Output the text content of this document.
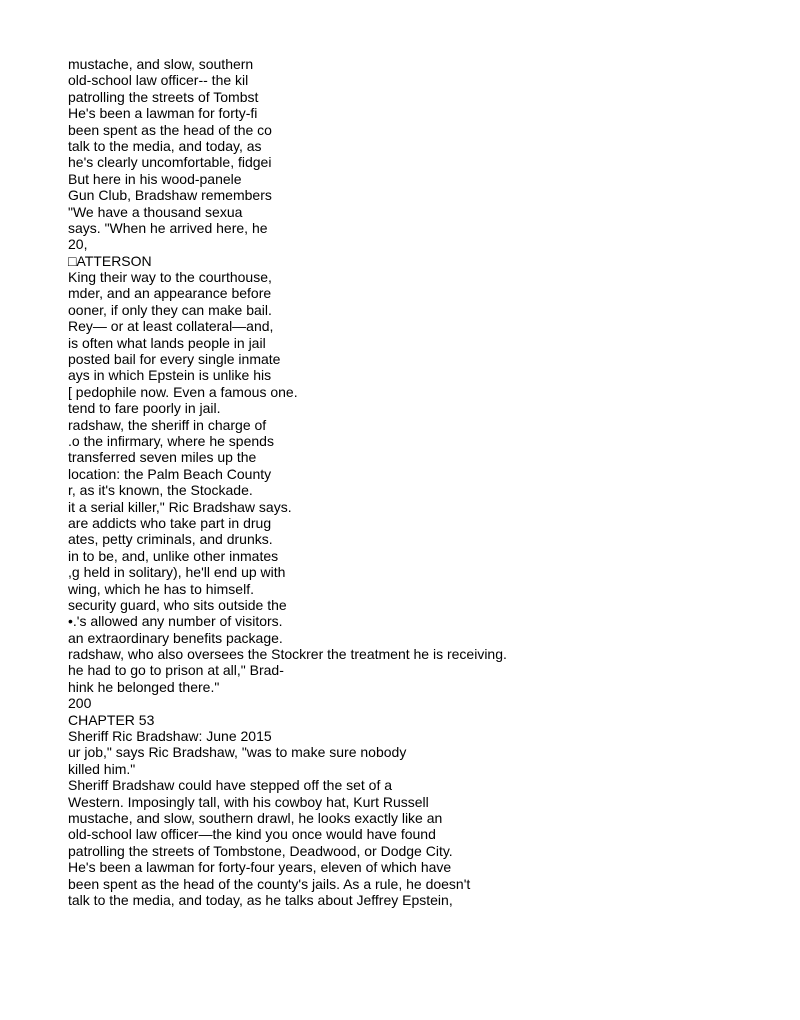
mustache, and slow, southern
old-school law officer-- the kil
patrolling the streets of Tombst
He's been a lawman for forty-fi
been spent as the head of the co
talk to the media, and today, as
he's clearly uncomfortable, fidgei
But here in his wood-panele
Gun Club, Bradshaw remembers
"We have a thousand sexua
says. "When he arrived here, he
20,
□ATTERSON
King their way to the courthouse,
mder, and an appearance before
ooner, if only they can make bail.
Rey— or at least collateral—and,
is often what lands people in jail
posted bail for every single inmate
ays in which Epstein is unlike his
[ pedophile now. Even a famous one.
tend to fare poorly in jail.
radshaw, the sheriff in charge of
.o the infirmary, where he spends
transferred seven miles up the
location: the Palm Beach County
r, as it's known, the Stockade.
it a serial killer," Ric Bradshaw says.
are addicts who take part in drug
ates, petty criminals, and drunks.
in to be, and, unlike other inmates
,g held in solitary), he'll end up with
wing, which he has to himself.
security guard, who sits outside the
•.'s allowed any number of visitors.
an extraordinary benefits package.
radshaw, who also oversees the Stockrer the treatment he is receiving.
he had to go to prison at all," Brad-
hink he belonged there."
200
CHAPTER 53
Sheriff Ric Bradshaw: June 2015
ur job," says Ric Bradshaw, "was to make sure nobody
killed him."
Sheriff Bradshaw could have stepped off the set of a
Western. Imposingly tall, with his cowboy hat, Kurt Russell
mustache, and slow, southern drawl, he looks exactly like an
old-school law officer—the kind you once would have found
patrolling the streets of Tombstone, Deadwood, or Dodge City.
He's been a lawman for forty-four years, eleven of which have
been spent as the head of the county's jails. As a rule, he doesn't
talk to the media, and today, as he talks about Jeffrey Epstein,
